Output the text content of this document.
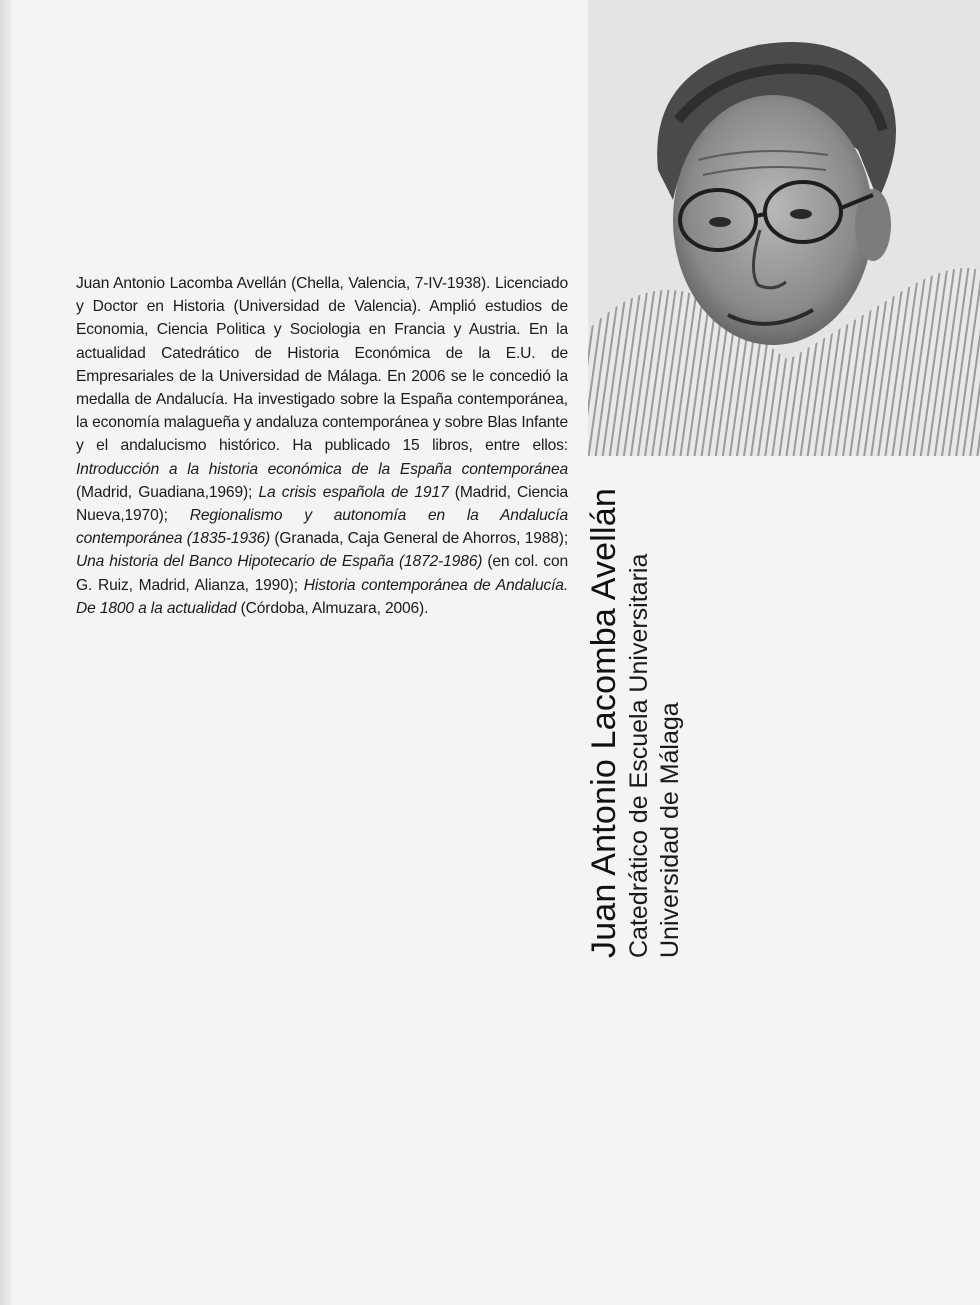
Juan Antonio Lacomba Avellán (Chella, Valencia, 7-IV-1938). Licenciado y Doctor en Historia (Universidad de Valencia). Amplió estudios de Economia, Ciencia Politica y Sociologia en Francia y Austria. En la actualidad Catedrático de Historia Económica de la E.U. de Empresariales de la Universidad de Málaga. En 2006 se le concedió la medalla de Andalucía. Ha investigado sobre la España contemporánea, la economía malagueña y andaluza contemporánea y sobre Blas Infante y el andalucismo histórico. Ha publicado 15 libros, entre ellos: Introducción a la historia económica de la España contemporánea (Madrid, Guadiana,1969); La crisis española de 1917 (Madrid, Ciencia Nueva,1970); Regionalismo y autonomía en la Andalucía contemporánea (1835-1936) (Granada, Caja General de Ahorros, 1988); Una historia del Banco Hipotecario de España (1872-1986) (en col. con G. Ruiz, Madrid, Alianza, 1990); Historia contemporánea de Andalucía. De 1800 a la actualidad (Córdoba, Almuzara, 2006).	Juan Antonio Lacomba Avellán Catedrático de Escuela Universitaria Universidad de Málaga
